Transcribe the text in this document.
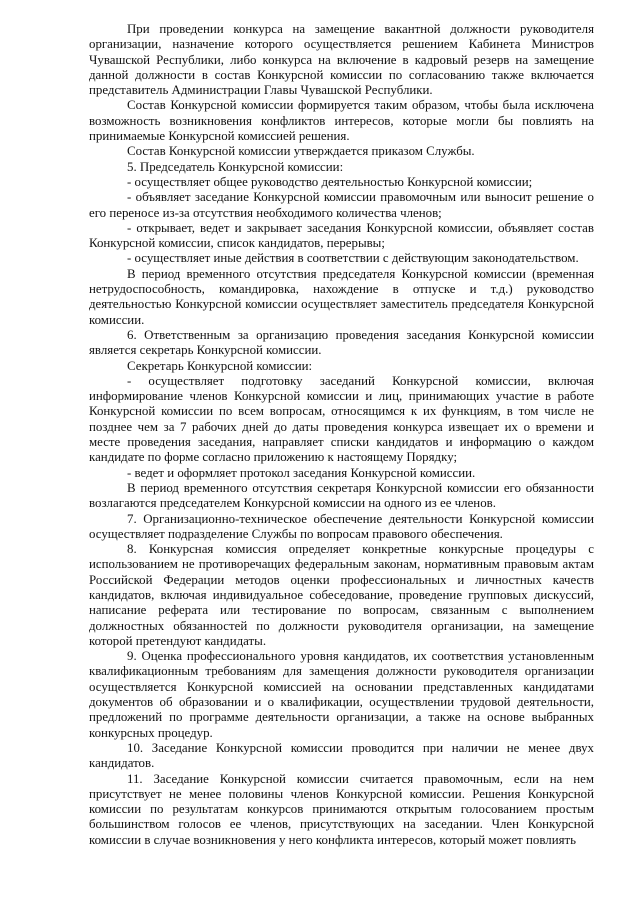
При проведении конкурса на замещение вакантной должности руководителя организации, назначение которого осуществляется решением Кабинета Министров Чувашской Республики, либо конкурса на включение в кадровый резерв на замещение данной должности в состав Конкурсной комиссии по согласованию также включается представитель Администрации Главы Чувашской Республики.

Состав Конкурсной комиссии формируется таким образом, чтобы была исключена возможность возникновения конфликтов интересов, которые могли бы повлиять на принимаемые Конкурсной комиссией решения.

Состав Конкурсной комиссии утверждается приказом Службы.

5. Председатель Конкурсной комиссии:

- осуществляет общее руководство деятельностью Конкурсной комиссии;

- объявляет заседание Конкурсной комиссии правомочным или выносит решение о его переносе из-за отсутствия необходимого количества членов;

- открывает, ведет и закрывает заседания Конкурсной комиссии, объявляет состав Конкурсной комиссии, список кандидатов, перерывы;

- осуществляет иные действия в соответствии с действующим законодательством.

В период временного отсутствия председателя Конкурсной комиссии (временная нетрудоспособность, командировка, нахождение в отпуске и т.д.) руководство деятельностью Конкурсной комиссии осуществляет заместитель председателя Конкурсной комиссии.

6. Ответственным за организацию проведения заседания Конкурсной комиссии является секретарь Конкурсной комиссии.

Секретарь Конкурсной комиссии:

- осуществляет подготовку заседаний Конкурсной комиссии, включая информирование членов Конкурсной комиссии и лиц, принимающих участие в работе Конкурсной комиссии по всем вопросам, относящимся к их функциям, в том числе не позднее чем за 7 рабочих дней до даты проведения конкурса извещает их о времени и месте проведения заседания, направляет списки кандидатов и информацию о каждом кандидате по форме согласно приложению к настоящему Порядку;

- ведет и оформляет протокол заседания Конкурсной комиссии.

В период временного отсутствия секретаря Конкурсной комиссии его обязанности возлагаются председателем Конкурсной комиссии на одного из ее членов.

7. Организационно-техническое обеспечение деятельности Конкурсной комиссии осуществляет подразделение Службы по вопросам правового обеспечения.

8. Конкурсная комиссия определяет конкретные конкурсные процедуры с использованием не противоречащих федеральным законам, нормативным правовым актам Российской Федерации методов оценки профессиональных и личностных качеств кандидатов, включая индивидуальное собеседование, проведение групповых дискуссий, написание реферата или тестирование по вопросам, связанным с выполнением должностных обязанностей по должности руководителя организации, на замещение которой претендуют кандидаты.

9. Оценка профессионального уровня кандидатов, их соответствия установленным квалификационным требованиям для замещения должности руководителя организации осуществляется Конкурсной комиссией на основании представленных кандидатами документов об образовании и о квалификации, осуществлении трудовой деятельности, предложений по программе деятельности организации, а также на основе выбранных конкурсных процедур.

10. Заседание Конкурсной комиссии проводится при наличии не менее двух кандидатов.

11. Заседание Конкурсной комиссии считается правомочным, если на нем присутствует не менее половины членов Конкурсной комиссии. Решения Конкурсной комиссии по результатам конкурсов принимаются открытым голосованием простым большинством голосов ее членов, присутствующих на заседании. Член Конкурсной комиссии в случае возникновения у него конфликта интересов, который может повлиять
